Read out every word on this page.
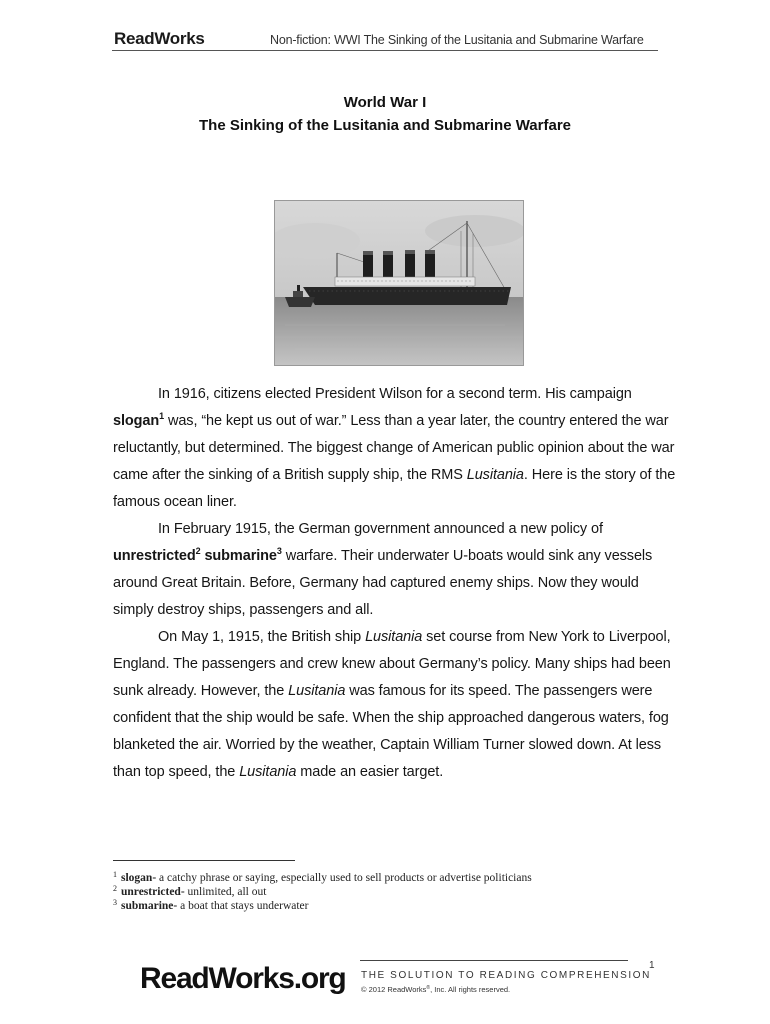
ReadWorks	Non-fiction: WWI The Sinking of the Lusitania and Submarine Warfare
World War I
The Sinking of the Lusitania and Submarine Warfare

In 1916, citizens elected President Wilson for a second term. His campaign slogan$^1$ was, “he kept us out of war.” Less than a year later, the country entered the war reluctantly, but determined. The biggest change of American public opinion about the war came after the sinking of a British supply ship, the RMS Lusitania. Here is the story of the famous ocean liner.

In February 1915, the German government announced a new policy of unrestricted$^2$ submarine$^3$ warfare. Their underwater U-boats would sink any vessels around Great Britain. Before, Germany had captured enemy ships. Now they would simply destroy ships, passengers and all.

On May 1, 1915, the British ship Lusitania set course from New York to Liverpool, England. The passengers and crew knew about Germany’s policy. Many ships had been sunk already. However, the Lusitania was famous for its speed. The passengers were confident that the ship would be safe. When the ship approached dangerous waters, fog blanketed the air. Worried by the weather, Captain William Turner slowed down. At less than top speed, the Lusitania made an easier target.

$^1$ slogan- a catchy phrase or saying, especially used to sell products or advertise politicians

$^2$ unrestricted- unlimited, all out

$^3$ submarine- a boat that stays underwater

ReadWorks.org THE SOLUTION TO READING COMPREHENSION
© 2012 ReadWorks®, Inc. All rights reserved.
1
